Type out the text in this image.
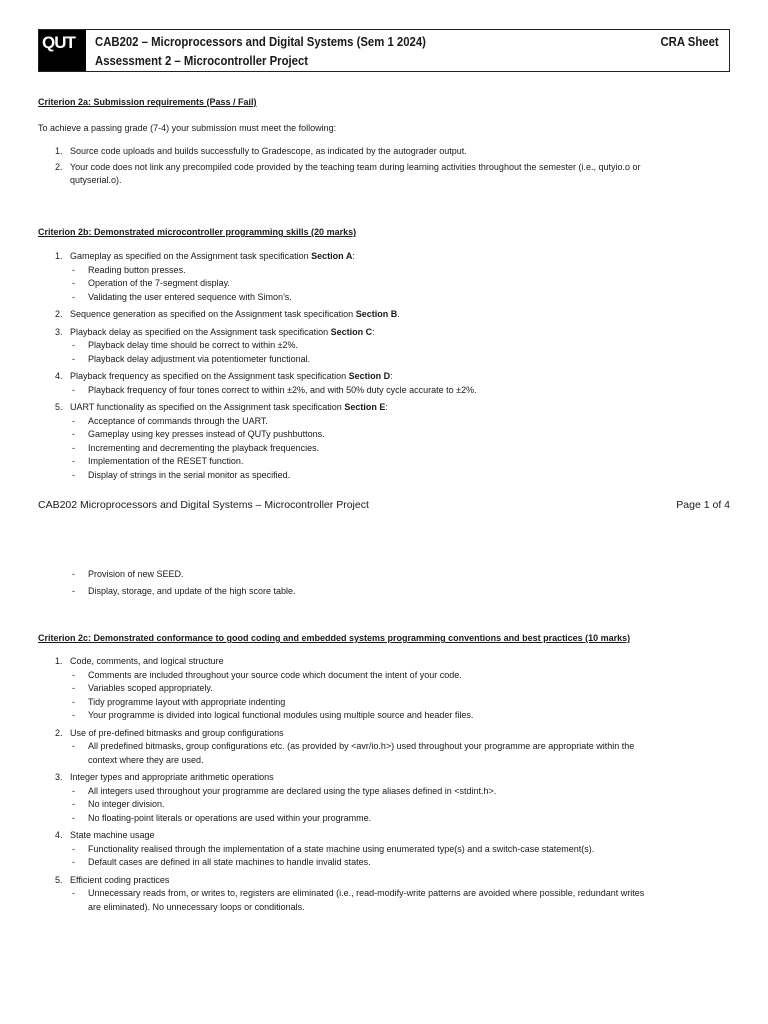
QUT	CAB202 – Microprocessors and Digital Systems (Sem 1 2024)
Assessment 2 – Microcontroller Project
CRA Sheet
Criterion 2a: Submission requirements (Pass / Fail)
To achieve a passing grade (7-4) your submission must meet the following:
1. Source code uploads and builds successfully to Gradescope, as indicated by the autograder output.
2. Your code does not link any precompiled code provided by the teaching team during learning activities throughout the semester (i.e., qutyio.o or
qutyserial.o).
Criterion 2b: Demonstrated microcontroller programming skills (20 marks)
1. Gameplay as specified on the Assignment task specification Section A:
- Reading button presses.
- Operation of the 7-segment display.
- Validating the user entered sequence with Simon’s.
2. Sequence generation as specified on the Assignment task specification Section B.
3. Playback delay as specified on the Assignment task specification Section C:
- Playback delay time should be correct to within ±2%.
- Playback delay adjustment via potentiometer functional.
4. Playback frequency as specified on the Assignment task specification Section D:
- Playback frequency of four tones correct to within ±2%, and with 50% duty cycle accurate to ±2%.
5. UART functionality as specified on the Assignment task specification Section E:
- Acceptance of commands through the UART.
- Gameplay using key presses instead of QUTy pushbuttons.
- Incrementing and decrementing the playback frequencies.
- Implementation of the RESET function.
- Display of strings in the serial monitor as specified.
CAB202 Microprocessors and Digital Systems – Microcontroller Project	Page 1 of 4
- Provision of new SEED.
- Display, storage, and update of the high score table.
Criterion 2c: Demonstrated conformance to good coding and embedded systems programming conventions and best practices (10 marks)
1. Code, comments, and logical structure
- Comments are included throughout your source code which document the intent of your code.
- Variables scoped appropriately.
- Tidy programme layout with appropriate indenting
- Your programme is divided into logical functional modules using multiple source and header files.
2. Use of pre-defined bitmasks and group configurations
- All predefined bitmasks, group configurations etc. (as provided by <avr/io.h>) used throughout your programme are appropriate within the
context where they are used.
3. Integer types and appropriate arithmetic operations
- All integers used throughout your programme are declared using the type aliases defined in <stdint.h>.
- No integer division.
- No floating-point literals or operations are used within your programme.
4. State machine usage
- Functionality realised through the implementation of a state machine using enumerated type(s) and a switch-case statement(s).
- Default cases are defined in all state machines to handle invalid states.
5. Efficient coding practices
- Unnecessary reads from, or writes to, registers are eliminated (i.e., read-modify-write patterns are avoided where possible, redundant writes
are eliminated). No unnecessary loops or conditionals.
